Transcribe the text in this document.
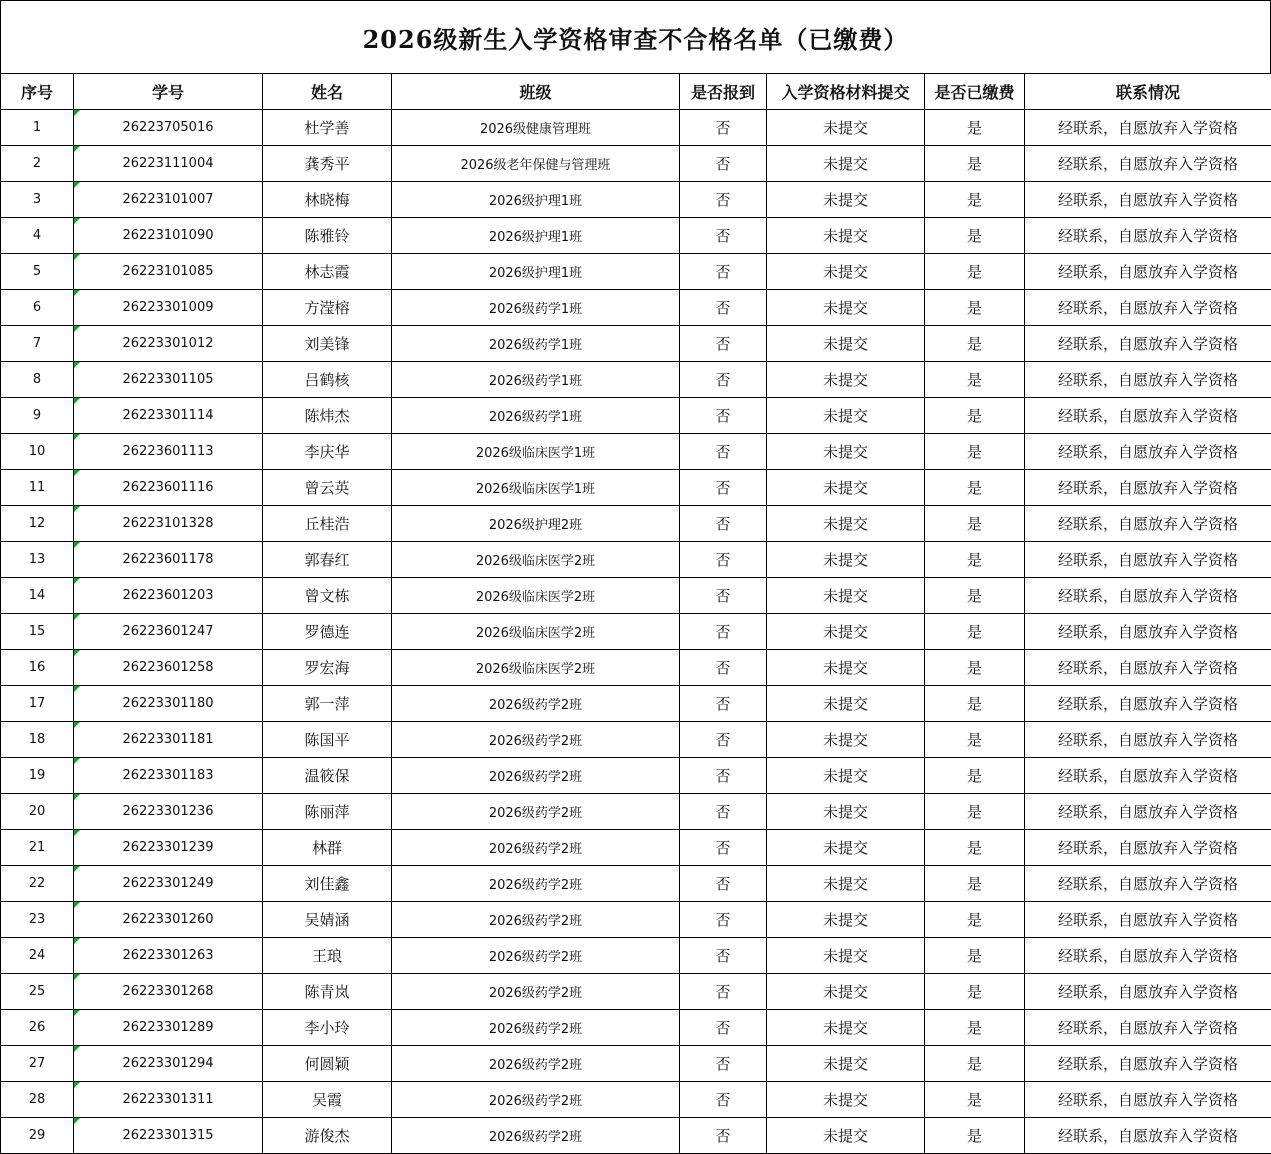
2026级新生入学资格审查不合格名单（已缴费）
序号	学号	姓名	班级	是否报到	入学资格材料提交	是否已缴费	联系情况
1	26223705016	杜学善	2026级健康管理班	否	未提交	是	经联系，自愿放弃入学资格
2	26223111004	龚秀平	2026级老年保健与管理班	否	未提交	是	经联系，自愿放弃入学资格
3	26223101007	林晓梅	2026级护理1班	否	未提交	是	经联系，自愿放弃入学资格
4	26223101090	陈雅铃	2026级护理1班	否	未提交	是	经联系，自愿放弃入学资格
5	26223101085	林志霞	2026级护理1班	否	未提交	是	经联系，自愿放弃入学资格
6	26223301009	方滢榕	2026级药学1班	否	未提交	是	经联系，自愿放弃入学资格
7	26223301012	刘美锋	2026级药学1班	否	未提交	是	经联系，自愿放弃入学资格
8	26223301105	吕鹤核	2026级药学1班	否	未提交	是	经联系，自愿放弃入学资格
9	26223301114	陈炜杰	2026级药学1班	否	未提交	是	经联系，自愿放弃入学资格
10	26223601113	李庆华	2026级临床医学1班	否	未提交	是	经联系，自愿放弃入学资格
11	26223601116	曾云英	2026级临床医学1班	否	未提交	是	经联系，自愿放弃入学资格
12	26223101328	丘桂浩	2026级护理2班	否	未提交	是	经联系，自愿放弃入学资格
13	26223601178	郭春红	2026级临床医学2班	否	未提交	是	经联系，自愿放弃入学资格
14	26223601203	曾文栋	2026级临床医学2班	否	未提交	是	经联系，自愿放弃入学资格
15	26223601247	罗德连	2026级临床医学2班	否	未提交	是	经联系，自愿放弃入学资格
16	26223601258	罗宏海	2026级临床医学2班	否	未提交	是	经联系，自愿放弃入学资格
17	26223301180	郭一萍	2026级药学2班	否	未提交	是	经联系，自愿放弃入学资格
18	26223301181	陈国平	2026级药学2班	否	未提交	是	经联系，自愿放弃入学资格
19	26223301183	温筱保	2026级药学2班	否	未提交	是	经联系，自愿放弃入学资格
20	26223301236	陈丽萍	2026级药学2班	否	未提交	是	经联系，自愿放弃入学资格
21	26223301239	林群	2026级药学2班	否	未提交	是	经联系，自愿放弃入学资格
22	26223301249	刘佳鑫	2026级药学2班	否	未提交	是	经联系，自愿放弃入学资格
23	26223301260	吴婧涵	2026级药学2班	否	未提交	是	经联系，自愿放弃入学资格
24	26223301263	王琅	2026级药学2班	否	未提交	是	经联系，自愿放弃入学资格
25	26223301268	陈青岚	2026级药学2班	否	未提交	是	经联系，自愿放弃入学资格
26	26223301289	李小玲	2026级药学2班	否	未提交	是	经联系，自愿放弃入学资格
27	26223301294	何圆颖	2026级药学2班	否	未提交	是	经联系，自愿放弃入学资格
28	26223301311	吴霞	2026级药学2班	否	未提交	是	经联系，自愿放弃入学资格
29	26223301315	游俊杰	2026级药学2班	否	未提交	是	经联系，自愿放弃入学资格
